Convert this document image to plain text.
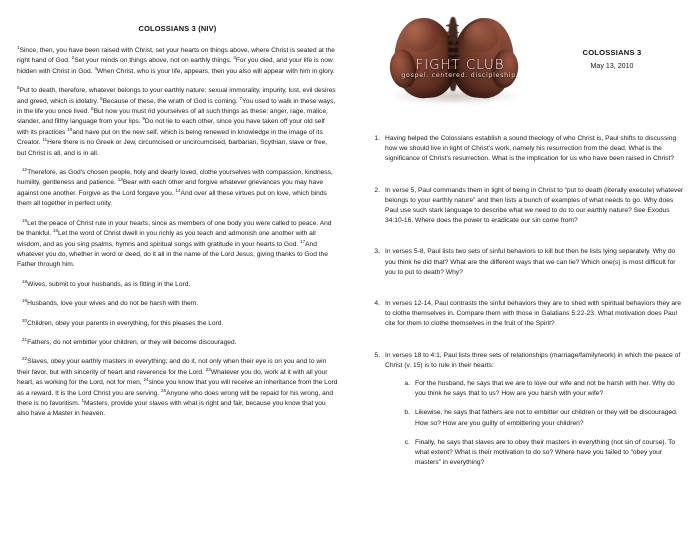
COLOSSIANS 3 (NIV)

$^1$Since, then, you have been raised with Christ, set your hearts on things above, where Christ is seated at the right hand of God. $^2$Set your minds on things above, not on earthly things. $^3$For you died, and your life is now hidden with Christ in God. $^4$When Christ, who is your life, appears, then you also will appear with him in glory.

$^5$Put to death, therefore, whatever belongs to your earthly nature: sexual immorality, impurity, lust, evil desires and greed, which is idolatry. $^6$Because of these, the wrath of God is coming. $^7$You used to walk in these ways, in the life you once lived. $^8$But now you must rid yourselves of all such things as these: anger, rage, malice, slander, and filthy language from your lips. $^9$Do not lie to each other, since you have taken off your old self with its practices $^{10}$and have put on the new self, which is being renewed in knowledge in the image of its Creator. $^{11}$Here there is no Greek or Jew, circumcised or uncircumcised, barbarian, Scythian, slave or free, but Christ is all, and is in all.

$^{12}$Therefore, as God's chosen people, holy and dearly loved, clothe yourselves with compassion, kindness, humility, gentleness and patience. $^{13}$Bear with each other and forgive whatever grievances you may have against one another. Forgive as the Lord forgave you. $^{14}$And over all these virtues put on love, which binds them all together in perfect unity.

$^{15}$Let the peace of Christ rule in your hearts, since as members of one body you were called to peace. And be thankful. $^{16}$Let the word of Christ dwell in you richly as you teach and admonish one another with all wisdom, and as you sing psalms, hymns and spiritual songs with gratitude in your hearts to God. $^{17}$And whatever you do, whether in word or deed, do it all in the name of the Lord Jesus, giving thanks to God the Father through him.

$^{18}$Wives, submit to your husbands, as is fitting in the Lord.

$^{19}$Husbands, love your wives and do not be harsh with them.

$^{20}$Children, obey your parents in everything, for this pleases the Lord.

$^{21}$Fathers, do not embitter your children, or they will become discouraged.

$^{22}$Slaves, obey your earthly masters in everything; and do it, not only when their eye is on you and to win their favor, but with sincerity of heart and reverence for the Lord. $^{23}$Whatever you do, work at it with all your heart, as working for the Lord, not for men, $^{24}$since you know that you will receive an inheritance from the Lord as a reward. It is the Lord Christ you are serving. $^{25}$Anyone who does wrong will be repaid for his wrong, and there is no favoritism. $^1$Masters, provide your slaves with what is right and fair, because you know that you also have a Master in heaven.

FIGHT CLUB
gospel. centered. discipleship.
COLOSSIANS 3
May 13, 2010
1. Having helped the Colossians establish a sound theology of who Christ is, Paul shifts to discussing how we should live in light of Christ's work, namely his resurrection from the dead. What is the significance of Christ's resurrection. What is the implication for us who have been raised in Christ?
2. In verse 5, Paul commands them in light of being in Christ to “put to death (literally execute) whatever belongs to your earthly nature” and then lists a bunch of examples of what needs to go. Why does Paul use such stark language to describe what we need to do to our earthly nature? See Exodus 34:10-16. Where does the power to eradicate our sin come from?
3. In verses 5-8, Paul lists two sets of sinful behaviors to kill but then he lists lying separately. Why do you think he did that? What are the different ways that we can lie? Which one(s) is most difficult for you to put to death? Why?
4. In verses 12-14, Paul contrasts the sinful behaviors they are to shed with spiritual behaviors they are to clothe themselves in. Compare them with those in Galatians 5:22-23. What motivation does Paul cite for them to clothe themselves in the fruit of the Spirit?
5. In verses 18 to 4:1, Paul lists three sets of relationships (marriage/family/work) in which the peace of Christ (v. 15) is to rule in their hearts:
a. For the husband, he says that we are to love our wife and not be harsh with her. Why do you think he says that to us? How are you harsh with your wife?
b. Likewise, he says that fathers are not to embitter our children or they will be discouraged. How so? How are you guilty of embittering your children?
c. Finally, he says that slaves are to obey their masters in everything (not sin of course). To what extent? What is their motivation to do so? Where have you failed to “obey your masters” in everything?
